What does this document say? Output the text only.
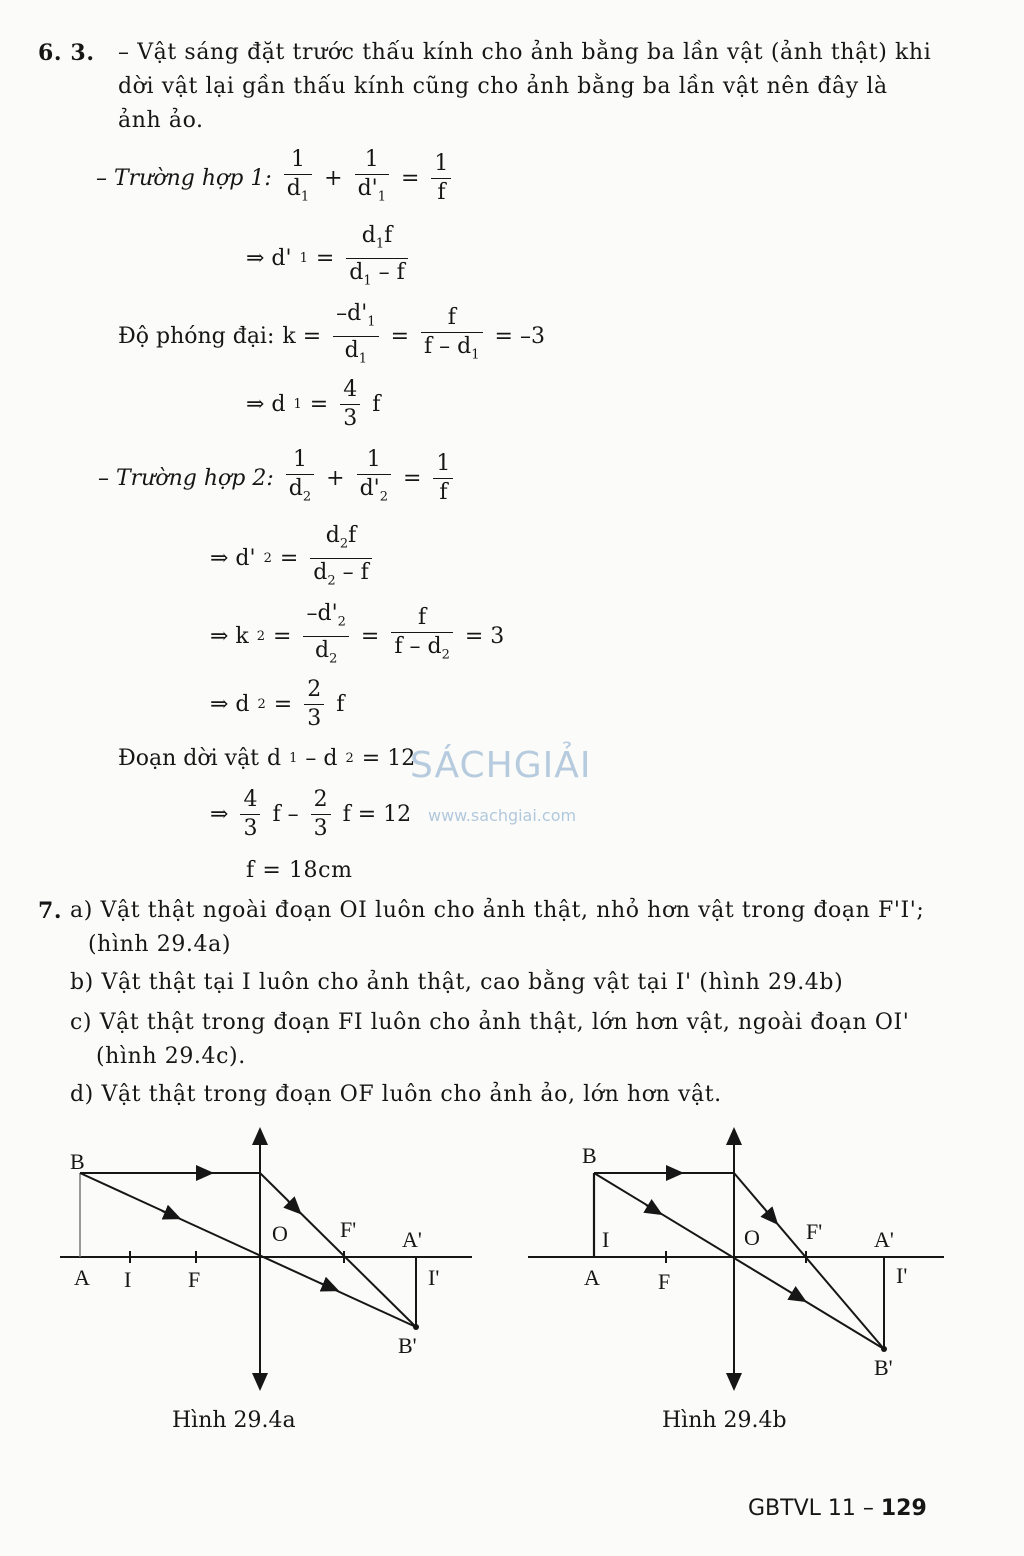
6. 3. – Vật sáng đặt trước thấu kính cho ảnh bằng ba lần vật (ảnh thật) khi
dời vật lại gần thấu kính cũng cho ảnh bằng ba lần vật nên đây là
ảnh ảo.
– Trường hợp 1: $\frac{1}{d_1} + \frac{1}{d'_1} = \frac{1}{f}$
⇒ d' $1 = \frac{d_1f}{d_1 - f}$
Độ phóng đại: $k = \frac{-d'_1}{d_1} = \frac{f}{f - d_1} = -3$
⇒ d $1 = \frac{4}{3}$ f
– Trường hợp 2: $\frac{1}{d_2} + \frac{1}{d'_2} = \frac{1}{f}$
⇒ d' $2 = \frac{d_2f}{d_2 - f}$
⇒ k $2 = \frac{-d'_2}{d_2} = \frac{f}{f - d_2} = 3$
⇒ d $2 = \frac{2}{3}$ f
Đoạn dời vật d 1 – d 2 = 12
⇒ $\frac{4}{3}$ f – $\frac{2}{3}$ f = 12
f = 18cm
SÁCHGIẢI
www.sachgiai.com
7. a) Vật thật ngoài đoạn OI luôn cho ảnh thật, nhỏ hơn vật trong đoạn F'I';
(hình 29.4a)
b) Vật thật tại I luôn cho ảnh thật, cao bằng vật tại I' (hình 29.4b)
c) Vật thật trong đoạn FI luôn cho ảnh thật, lớn hơn vật, ngoài đoạn OI'
(hình 29.4c).
d) Vật thật trong đoạn OF luôn cho ảnh ảo, lớn hơn vật.
B
A I	F
O F' A'
I'
B'
Hình 29.4a
B
I
A	F
O F' A'
I'
B'
Hình 29.4b
GBTVL 11 – 129
